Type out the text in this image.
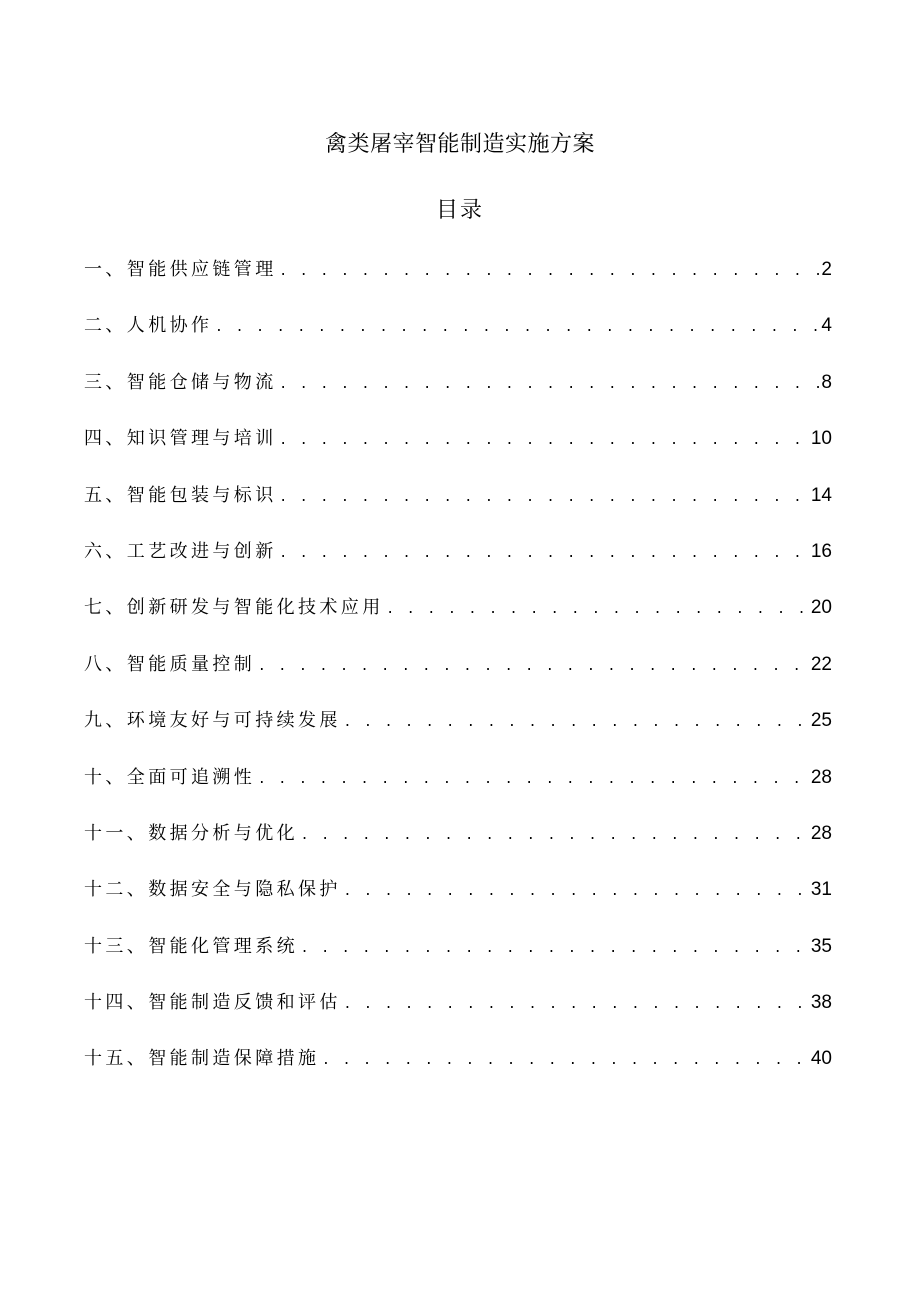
禽类屠宰智能制造实施方案
目录
一、智能供应链管理 . . .	2
二、人机协作 . . .	4
三、智能仓储与物流 . . .	8
四、知识管理与培训 . . .	10
五、智能包装与标识 . . .	14
六、工艺改进与创新 . . .	16
七、创新研发与智能化技术应用 . . .	20
八、智能质量控制 . . .	22
九、环境友好与可持续发展 . . .	25
十、全面可追溯性 . . .	28
十一、数据分析与优化 . . .	28
十二、数据安全与隐私保护 . . .	31
十三、智能化管理系统 . . .	35
十四、智能制造反馈和评估 . . .	38
十五、智能制造保障措施 . . .	40
